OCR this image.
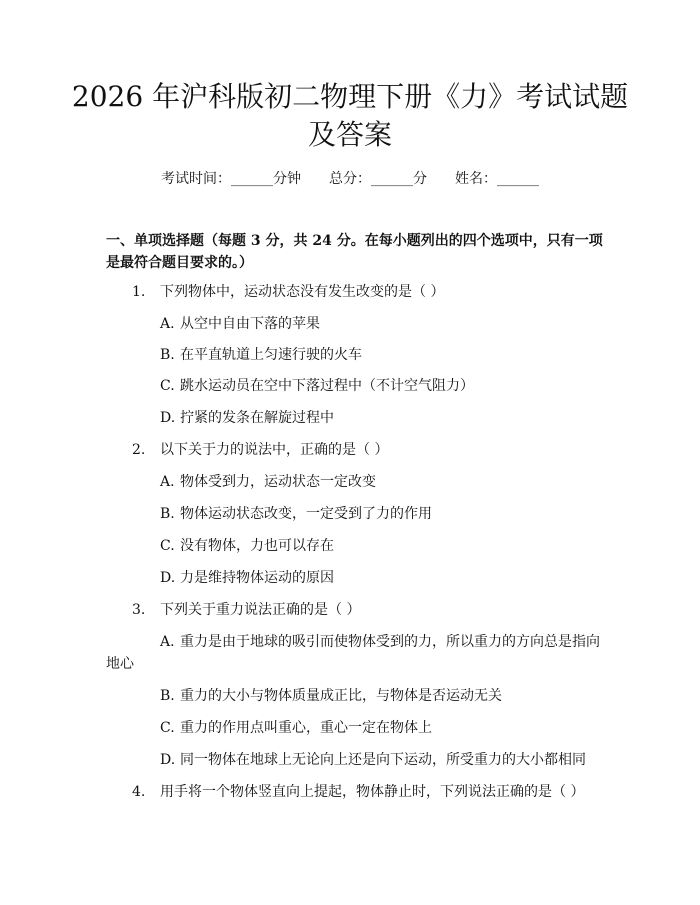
2026 年沪科版初二物理下册《力》考试试题
及答案
考试时间：______分钟 总分：______分 姓名：______
一、单项选择题（每题 3 分，共 24 分。在每小题列出的四个选项中，只有一项是最符合题目要求的。）
1. 下列物体中，运动状态没有发生改变的是（ ）
A. 从空中自由下落的苹果
B. 在平直轨道上匀速行驶的火车
C. 跳水运动员在空中下落过程中（不计空气阻力）
D. 拧紧的发条在解旋过程中
2. 以下关于力的说法中，正确的是（ ）
A. 物体受到力，运动状态一定改变
B. 物体运动状态改变，一定受到了力的作用
C. 没有物体，力也可以存在
D. 力是维持物体运动的原因
3. 下列关于重力说法正确的是（ ）
A. 重力是由于地球的吸引而使物体受到的力，所以重力的方向总是指向
地心
B. 重力的大小与物体质量成正比，与物体是否运动无关
C. 重力的作用点叫重心，重心一定在物体上
D. 同一物体在地球上无论向上还是向下运动，所受重力的大小都相同
4. 用手将一个物体竖直向上提起，物体静止时，下列说法正确的是（ ）
